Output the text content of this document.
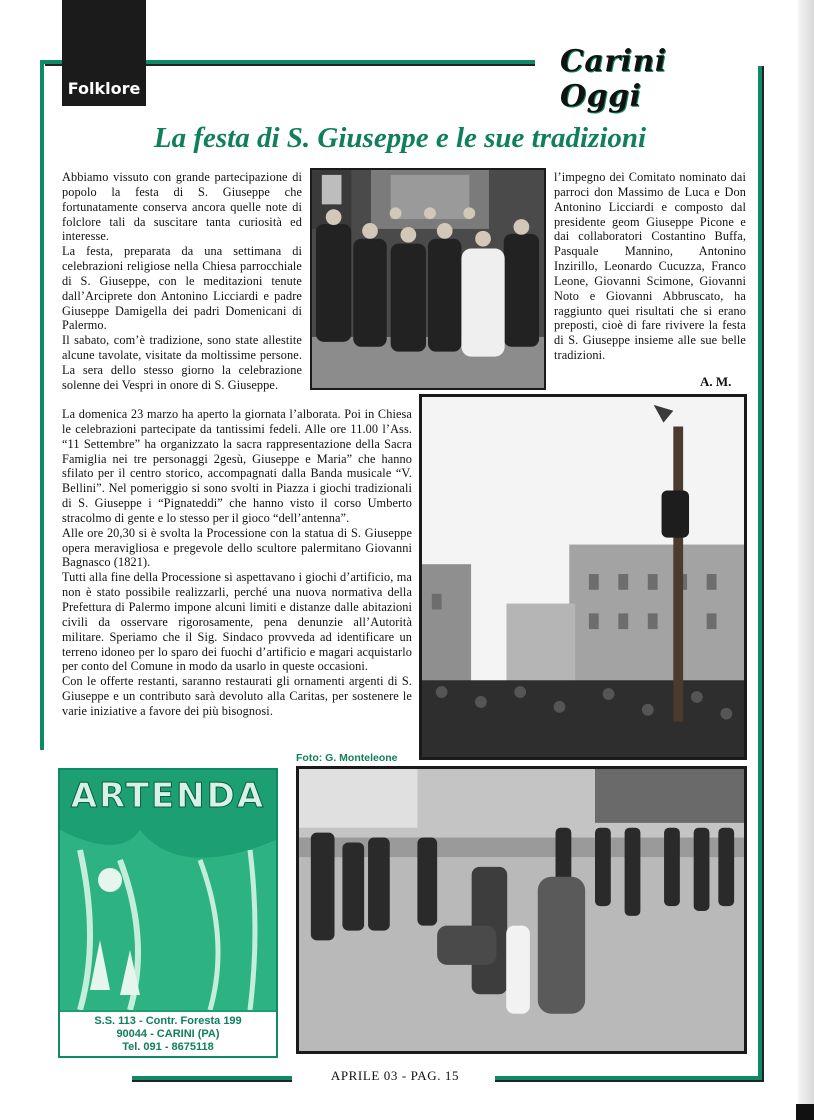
Folklore
Carini Oggi
La festa di S. Giuseppe e le sue tradizioni

Abbiamo vissuto con grande partecipazione di popolo la festa di S. Giuseppe che fortunatamente conserva ancora quelle note di folclore tali da suscitare tanta curiosità ed interesse.

La festa, preparata da una settimana di celebrazioni religiose nella Chiesa parrocchiale di S. Giuseppe, con le meditazioni tenute dall’Arciprete don Antonino Licciardi e padre Giuseppe Damigella dei padri Domenicani di Palermo.

Il sabato, com’è tradizione, sono state allestite alcune tavolate, visitate da moltissime persone. La sera dello stesso giorno la celebrazione solenne dei Vespri in onore di S. Giuseppe.

La domenica 23 marzo ha aperto la giornata l’alborata. Poi in Chiesa le celebrazioni partecipate da tantissimi fedeli. Alle ore 11.00 l’Ass. “11 Settembre” ha organizzato la sacra rappresentazione della Sacra Famiglia nei tre personaggi 2gesù, Giuseppe e Maria” che hanno sfilato per il centro storico, accompagnati dalla Banda musicale “V. Bellini”. Nel pomeriggio si sono svolti in Piazza i giochi tradizionali di S. Giuseppe i “Pignateddi” che hanno visto il corso Umberto stracolmo di gente e lo stesso per il gioco “dell’antenna”.

Alle ore 20,30 si è svolta la Processione con la statua di S. Giuseppe opera meravigliosa e pregevole dello scultore palermitano Giovanni Bagnasco (1821).

Tutti alla fine della Processione si aspettavano i giochi d’artificio, ma non è stato possibile realizzarli, perché una nuova normativa della Prefettura di Palermo impone alcuni limiti e distanze dalle abitazioni civili da osservare rigorosamente, pena denunzie all’Autorità militare. Speriamo che il Sig. Sindaco provveda ad identificare un terreno idoneo per lo sparo dei fuochi d’artificio e magari acquistarlo per conto del Comune in modo da usarlo in queste occasioni.

Con le offerte restanti, saranno restaurati gli ornamenti argenti di S. Giuseppe e un contributo sarà devoluto alla Caritas, per sostenere le varie iniziative a favore dei più bisognosi.

l’impegno dei Comitato nominato dai parroci don Massimo de Luca e Don Antonino Licciardi e composto dal presidente geom Giuseppe Picone e dai collaboratori Costantino Buffa, Pasquale Mannino, Antonino Inzirillo, Leonardo Cucuzza, Franco Leone, Giovanni Scimone, Giovanni Noto e Giovanni Abbruscato, ha raggiunto quei risultati che si erano preposti, cioè di fare rivivere la festa di S. Giuseppe insieme alle sue belle tradizioni.

A. M.
Foto: G. Monteleone
ARTENDA
S.S. 113 - Contr. Foresta 199
90044 - CARINI (PA)
Tel. 091 - 8675118
APRILE 03 - PAG. 15
